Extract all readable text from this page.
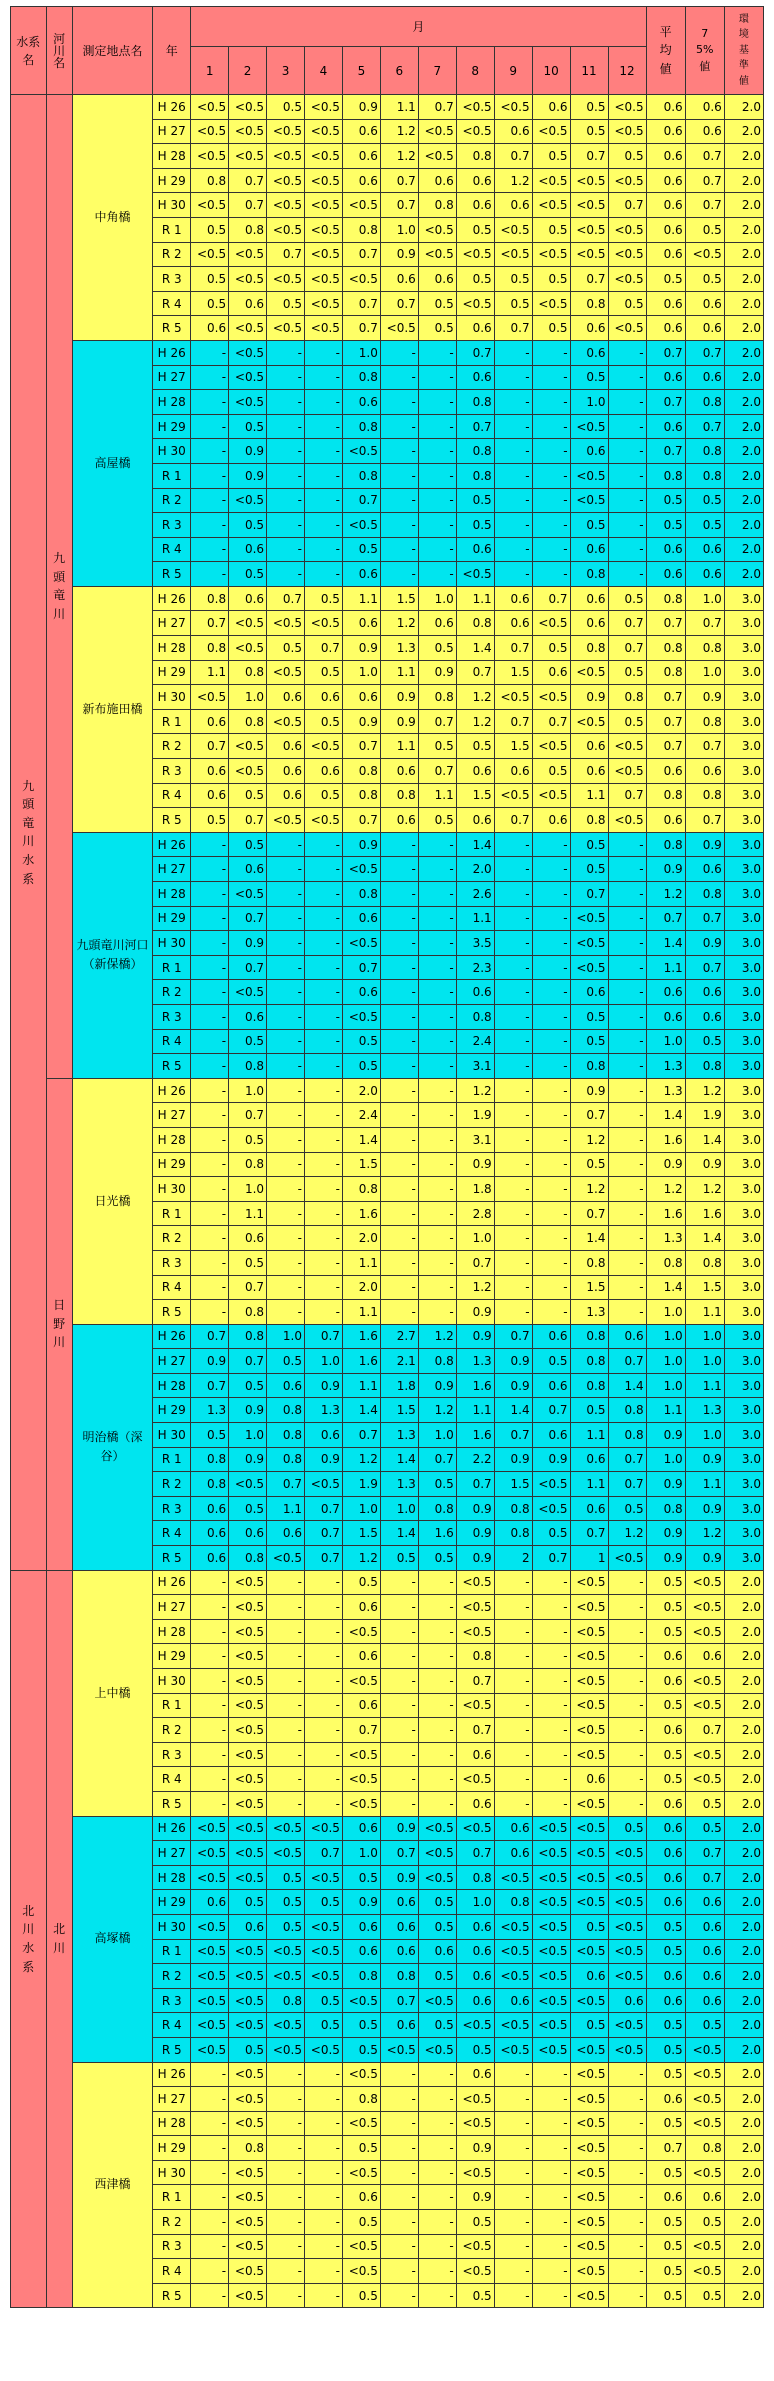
水系名	河川名	測定地点名	年	月												平均値	75%値	環境基準値

				1	2	3	4	5	6	7	8	9	10	11	12			

九頭竜川水系	九頭竜川	中角橋	H 26	<0.5	<0.5	0.5	<0.5	0.9	1.1	0.7	<0.5	<0.5	0.6	0.5	<0.5	0.6	0.6	2.0
			H 27	<0.5	<0.5	<0.5	<0.5	0.6	1.2	<0.5	<0.5	0.6	<0.5	0.5	<0.5	0.6	0.6	2.0
			H 28	<0.5	<0.5	<0.5	<0.5	0.6	1.2	<0.5	0.8	0.7	0.5	0.7	0.5	0.6	0.7	2.0
			H 29	0.8	0.7	<0.5	<0.5	0.6	0.7	0.6	0.6	1.2	<0.5	<0.5	<0.5	0.6	0.7	2.0
			H 30	<0.5	0.7	<0.5	<0.5	<0.5	0.7	0.8	0.6	0.6	<0.5	<0.5	0.7	0.6	0.7	2.0
			R 1	0.5	0.8	<0.5	<0.5	0.8	1.0	<0.5	0.5	<0.5	0.5	<0.5	<0.5	0.6	0.5	2.0
			R 2	<0.5	<0.5	0.7	<0.5	0.7	0.9	<0.5	<0.5	<0.5	<0.5	<0.5	<0.5	0.6	<0.5	2.0
			R 3	0.5	<0.5	<0.5	<0.5	<0.5	0.6	0.6	0.5	0.5	0.5	0.7	<0.5	0.5	0.5	2.0
			R 4	0.5	0.6	0.5	<0.5	0.7	0.7	0.5	<0.5	0.5	<0.5	0.8	0.5	0.6	0.6	2.0
			R 5	0.6	<0.5	<0.5	<0.5	0.7	<0.5	0.5	0.6	0.7	0.5	0.6	<0.5	0.6	0.6	2.0
		高屋橋	H 26	-	<0.5	-	-	1.0	-	-	0.7	-	-	0.6	-	0.7	0.7	2.0
			H 27	-	<0.5	-	-	0.8	-	-	0.6	-	-	0.5	-	0.6	0.6	2.0
			H 28	-	<0.5	-	-	0.6	-	-	0.8	-	-	1.0	-	0.7	0.8	2.0
			H 29	-	0.5	-	-	0.8	-	-	0.7	-	-	<0.5	-	0.6	0.7	2.0
			H 30	-	0.9	-	-	<0.5	-	-	0.8	-	-	0.6	-	0.7	0.8	2.0
			R 1	-	0.9	-	-	0.8	-	-	0.8	-	-	<0.5	-	0.8	0.8	2.0
			R 2	-	<0.5	-	-	0.7	-	-	0.5	-	-	<0.5	-	0.5	0.5	2.0
			R 3	-	0.5	-	-	<0.5	-	-	0.5	-	-	0.5	-	0.5	0.5	2.0
			R 4	-	0.6	-	-	0.5	-	-	0.6	-	-	0.6	-	0.6	0.6	2.0
			R 5	-	0.5	-	-	0.6	-	-	<0.5	-	-	0.8	-	0.6	0.6	2.0
		新布施田橋	H 26	0.8	0.6	0.7	0.5	1.1	1.5	1.0	1.1	0.6	0.7	0.6	0.5	0.8	1.0	3.0
			H 27	0.7	<0.5	<0.5	<0.5	0.6	1.2	0.6	0.8	0.6	<0.5	0.6	0.7	0.7	0.7	3.0
			H 28	0.8	<0.5	0.5	0.7	0.9	1.3	0.5	1.4	0.7	0.5	0.8	0.7	0.8	0.8	3.0
			H 29	1.1	0.8	<0.5	0.5	1.0	1.1	0.9	0.7	1.5	0.6	<0.5	0.5	0.8	1.0	3.0
			H 30	<0.5	1.0	0.6	0.6	0.6	0.9	0.8	1.2	<0.5	<0.5	0.9	0.8	0.7	0.9	3.0
			R 1	0.6	0.8	<0.5	0.5	0.9	0.9	0.7	1.2	0.7	0.7	<0.5	0.5	0.7	0.8	3.0
			R 2	0.7	<0.5	0.6	<0.5	0.7	1.1	0.5	0.5	1.5	<0.5	0.6	<0.5	0.7	0.7	3.0
			R 3	0.6	<0.5	0.6	0.6	0.8	0.6	0.7	0.6	0.6	0.5	0.6	<0.5	0.6	0.6	3.0
			R 4	0.6	0.5	0.6	0.5	0.8	0.8	1.1	1.5	<0.5	<0.5	1.1	0.7	0.8	0.8	3.0
			R 5	0.5	0.7	<0.5	<0.5	0.7	0.6	0.5	0.6	0.7	0.6	0.8	<0.5	0.6	0.7	3.0
		九頭竜川河口（新保橋）	H 26	-	0.5	-	-	0.9	-	-	1.4	-	-	0.5	-	0.8	0.9	3.0
			H 27	-	0.6	-	-	<0.5	-	-	2.0	-	-	0.5	-	0.9	0.6	3.0
			H 28	-	<0.5	-	-	0.8	-	-	2.6	-	-	0.7	-	1.2	0.8	3.0
			H 29	-	0.7	-	-	0.6	-	-	1.1	-	-	<0.5	-	0.7	0.7	3.0
			H 30	-	0.9	-	-	<0.5	-	-	3.5	-	-	<0.5	-	1.4	0.9	3.0
			R 1	-	0.7	-	-	0.7	-	-	2.3	-	-	<0.5	-	1.1	0.7	3.0
			R 2	-	<0.5	-	-	0.6	-	-	0.6	-	-	0.6	-	0.6	0.6	3.0
			R 3	-	0.6	-	-	<0.5	-	-	0.8	-	-	0.5	-	0.6	0.6	3.0
			R 4	-	0.5	-	-	0.5	-	-	2.4	-	-	0.5	-	1.0	0.5	3.0
			R 5	-	0.8	-	-	0.5	-	-	3.1	-	-	0.8	-	1.3	0.8	3.0

	日野川	日光橋	H 26	-	1.0	-	-	2.0	-	-	1.2	-	-	0.9	-	1.3	1.2	3.0
			H 27	-	0.7	-	-	2.4	-	-	1.9	-	-	0.7	-	1.4	1.9	3.0
			H 28	-	0.5	-	-	1.4	-	-	3.1	-	-	1.2	-	1.6	1.4	3.0
			H 29	-	0.8	-	-	1.5	-	-	0.9	-	-	0.5	-	0.9	0.9	3.0
			H 30	-	1.0	-	-	0.8	-	-	1.8	-	-	1.2	-	1.2	1.2	3.0
			R 1	-	1.1	-	-	1.6	-	-	2.8	-	-	0.7	-	1.6	1.6	3.0
			R 2	-	0.6	-	-	2.0	-	-	1.0	-	-	1.4	-	1.3	1.4	3.0
			R 3	-	0.5	-	-	1.1	-	-	0.7	-	-	0.8	-	0.8	0.8	3.0
			R 4	-	0.7	-	-	2.0	-	-	1.2	-	-	1.5	-	1.4	1.5	3.0
			R 5	-	0.8	-	-	1.1	-	-	0.9	-	-	1.3	-	1.0	1.1	3.0
		明治橋（深谷）	H 26	0.7	0.8	1.0	0.7	1.6	2.7	1.2	0.9	0.7	0.6	0.8	0.6	1.0	1.0	3.0
			H 27	0.9	0.7	0.5	1.0	1.6	2.1	0.8	1.3	0.9	0.5	0.8	0.7	1.0	1.0	3.0
			H 28	0.7	0.5	0.6	0.9	1.1	1.8	0.9	1.6	0.9	0.6	0.8	1.4	1.0	1.1	3.0
			H 29	1.3	0.9	0.8	1.3	1.4	1.5	1.2	1.1	1.4	0.7	0.5	0.8	1.1	1.3	3.0
			H 30	0.5	1.0	0.8	0.6	0.7	1.3	1.0	1.6	0.7	0.6	1.1	0.8	0.9	1.0	3.0
			R 1	0.8	0.9	0.8	0.9	1.2	1.4	0.7	2.2	0.9	0.9	0.6	0.7	1.0	0.9	3.0
			R 2	0.8	<0.5	0.7	<0.5	1.9	1.3	0.5	0.7	1.5	<0.5	1.1	0.7	0.9	1.1	3.0
			R 3	0.6	0.5	1.1	0.7	1.0	1.0	0.8	0.9	0.8	<0.5	0.6	0.5	0.8	0.9	3.0
			R 4	0.6	0.6	0.6	0.7	1.5	1.4	1.6	0.9	0.8	0.5	0.7	1.2	0.9	1.2	3.0
			R 5	0.6	0.8	<0.5	0.7	1.2	0.5	0.5	0.9	2	0.7	1	<0.5	0.9	0.9	3.0

北川水系	北川	上中橋	H 26	-	<0.5	-	-	0.5	-	-	<0.5	-	-	<0.5	-	0.5	<0.5	2.0
			H 27	-	<0.5	-	-	0.6	-	-	<0.5	-	-	<0.5	-	0.5	<0.5	2.0
			H 28	-	<0.5	-	-	<0.5	-	-	<0.5	-	-	<0.5	-	0.5	<0.5	2.0
			H 29	-	<0.5	-	-	0.6	-	-	0.8	-	-	<0.5	-	0.6	0.6	2.0
			H 30	-	<0.5	-	-	<0.5	-	-	0.7	-	-	<0.5	-	0.6	<0.5	2.0
			R 1	-	<0.5	-	-	0.6	-	-	<0.5	-	-	<0.5	-	0.5	<0.5	2.0
			R 2	-	<0.5	-	-	0.7	-	-	0.7	-	-	<0.5	-	0.6	0.7	2.0
			R 3	-	<0.5	-	-	<0.5	-	-	0.6	-	-	<0.5	-	0.5	<0.5	2.0
			R 4	-	<0.5	-	-	<0.5	-	-	<0.5	-	-	0.6	-	0.5	<0.5	2.0
			R 5	-	<0.5	-	-	<0.5	-	-	0.6	-	-	<0.5	-	0.6	0.5	2.0
		高塚橋	H 26	<0.5	<0.5	<0.5	<0.5	0.6	0.9	<0.5	<0.5	0.6	<0.5	<0.5	0.5	0.6	0.5	2.0
			H 27	<0.5	<0.5	<0.5	0.7	1.0	0.7	<0.5	0.7	0.6	<0.5	<0.5	<0.5	0.6	0.7	2.0
			H 28	<0.5	<0.5	0.5	<0.5	0.5	0.9	<0.5	0.8	<0.5	<0.5	<0.5	<0.5	0.6	0.7	2.0
			H 29	0.6	0.5	0.5	0.5	0.9	0.6	0.5	1.0	0.8	<0.5	<0.5	<0.5	0.6	0.6	2.0
			H 30	<0.5	0.6	0.5	<0.5	0.6	0.6	0.5	0.6	<0.5	<0.5	0.5	<0.5	0.5	0.6	2.0
			R 1	<0.5	<0.5	<0.5	<0.5	0.6	0.6	0.6	0.6	<0.5	<0.5	<0.5	<0.5	0.5	0.6	2.0
			R 2	<0.5	<0.5	<0.5	<0.5	0.8	0.8	0.5	0.6	<0.5	<0.5	0.6	<0.5	0.6	0.6	2.0
			R 3	<0.5	<0.5	0.8	0.5	<0.5	0.7	<0.5	0.6	0.6	<0.5	<0.5	0.6	0.6	0.6	2.0
			R 4	<0.5	<0.5	<0.5	0.5	0.5	0.6	0.5	<0.5	<0.5	<0.5	0.5	<0.5	0.5	0.5	2.0
			R 5	<0.5	0.5	<0.5	<0.5	0.5	<0.5	<0.5	0.5	<0.5	<0.5	<0.5	<0.5	0.5	<0.5	2.0
		西津橋	H 26	-	<0.5	-	-	<0.5	-	-	0.6	-	-	<0.5	-	0.5	<0.5	2.0
			H 27	-	<0.5	-	-	0.8	-	-	<0.5	-	-	<0.5	-	0.6	<0.5	2.0
			H 28	-	<0.5	-	-	<0.5	-	-	<0.5	-	-	<0.5	-	0.5	<0.5	2.0
			H 29	-	0.8	-	-	0.5	-	-	0.9	-	-	<0.5	-	0.7	0.8	2.0
			H 30	-	<0.5	-	-	<0.5	-	-	<0.5	-	-	<0.5	-	0.5	<0.5	2.0
			R 1	-	<0.5	-	-	0.6	-	-	0.9	-	-	<0.5	-	0.6	0.6	2.0
			R 2	-	<0.5	-	-	0.5	-	-	0.5	-	-	<0.5	-	0.5	0.5	2.0
			R 3	-	<0.5	-	-	<0.5	-	-	<0.5	-	-	<0.5	-	0.5	<0.5	2.0
			R 4	-	<0.5	-	-	<0.5	-	-	<0.5	-	-	<0.5	-	0.5	<0.5	2.0
			R 5	-	<0.5	-	-	0.5	-	-	0.5	-	-	<0.5	-	0.5	0.5	2.0
